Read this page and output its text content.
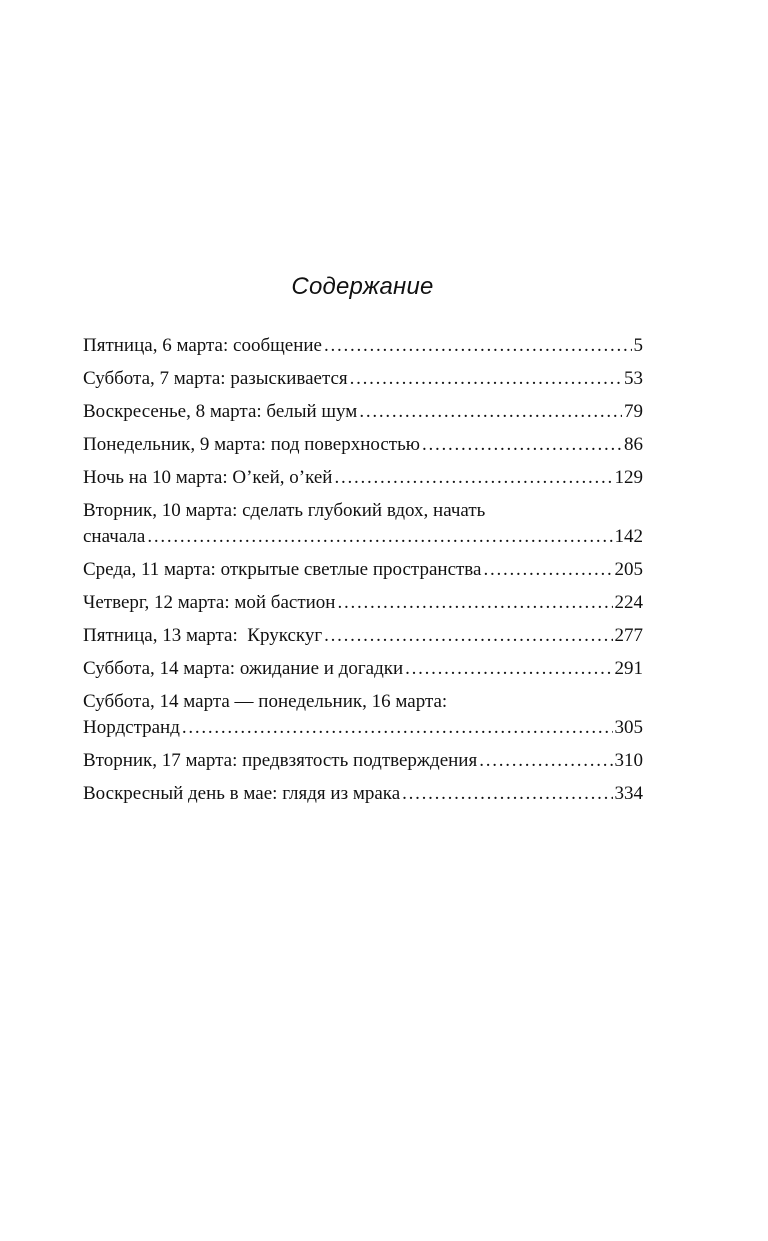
Содержание
Пятница, 6 марта: сообщение . . .	5
Суббота, 7 марта: разыскивается . . .	53
Воскресенье, 8 марта: белый шум . . .	79
Понедельник, 9 марта: под поверхностью . . .	86
Ночь на 10 марта: О’кей, о’кей . . .	129
Вторник, 10 марта: сделать глубокий вдох, начать
сначала . . .	142
Среда, 11 марта: открытые светлые пространства . . .	205
Четверг, 12 марта: мой бастион . . .	224
Пятница, 13 марта:  Крукскуг . . .	277
Суббота, 14 марта: ожидание и догадки . . .	291
Суббота, 14 марта — понедельник, 16 марта:
Нордстранд . . .	305
Вторник, 17 марта: предвзятость подтверждения . . .	310
Воскресный день в мае: глядя из мрака . . .	334
